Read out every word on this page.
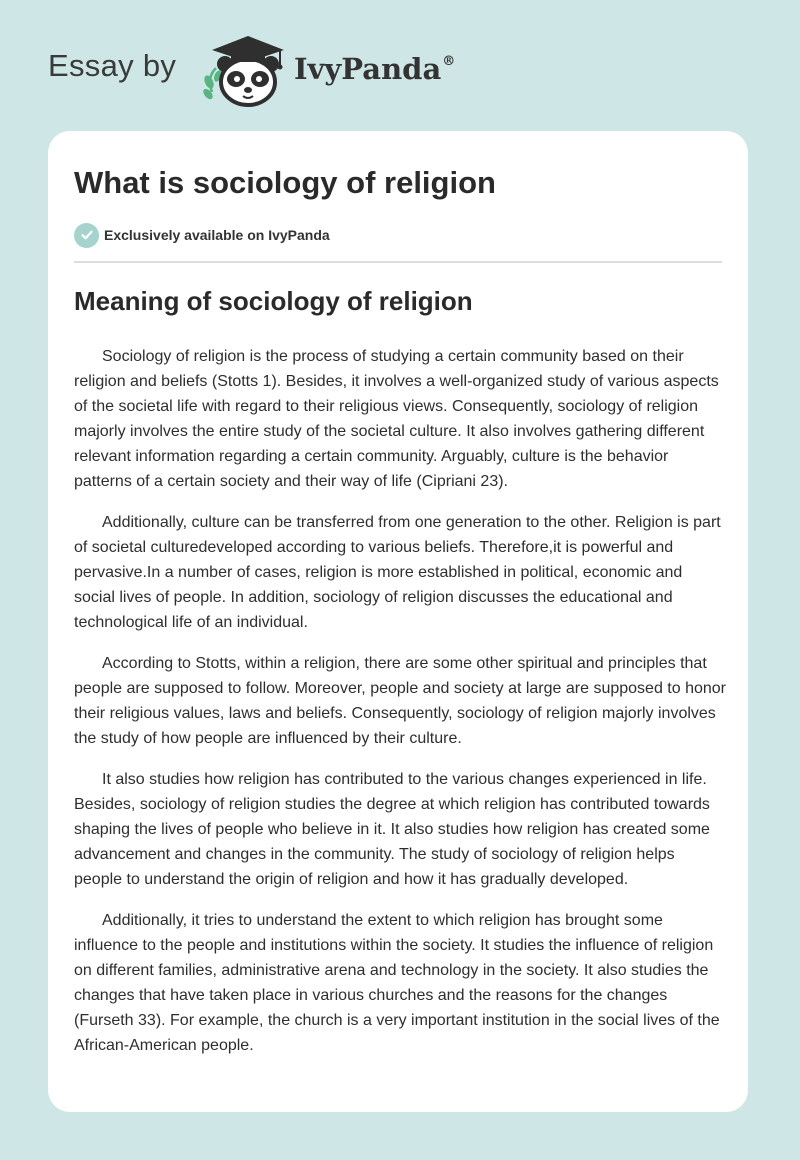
Essay by	IvyPanda®
What is sociology of religion
Exclusively available on IvyPanda
Meaning of sociology of religion

Sociology of religion is the process of studying a certain community based on their religion and beliefs (Stotts 1). Besides, it involves a well-organized study of various aspects of the societal life with regard to their religious views. Consequently, sociology of religion majorly involves the entire study of the societal culture. It also involves gathering different relevant information regarding a certain community. Arguably, culture is the behavior patterns of a certain society and their way of life (Cipriani 23).

Additionally, culture can be transferred from one generation to the other. Religion is part of societal culturedeveloped according to various beliefs. Therefore,it is powerful and pervasive.In a number of cases, religion is more established in political, economic and social lives of people. In addition, sociology of religion discusses the educational and technological life of an individual.

According to Stotts, within a religion, there are some other spiritual and principles that people are supposed to follow. Moreover, people and society at large are supposed to honor their religious values, laws and beliefs. Consequently, sociology of religion majorly involves the study of how people are influenced by their culture.

It also studies how religion has contributed to the various changes experienced in life. Besides, sociology of religion studies the degree at which religion has contributed towards shaping the lives of people who believe in it. It also studies how religion has created some advancement and changes in the community. The study of sociology of religion helps people to understand the origin of religion and how it has gradually developed.

Additionally, it tries to understand the extent to which religion has brought some influence to the people and institutions within the society. It studies the influence of religion on different families, administrative arena and technology in the society. It also studies the changes that have taken place in various churches and the reasons for the changes (Furseth 33). For example, the church is a very important institution in the social lives of the African-American people.
